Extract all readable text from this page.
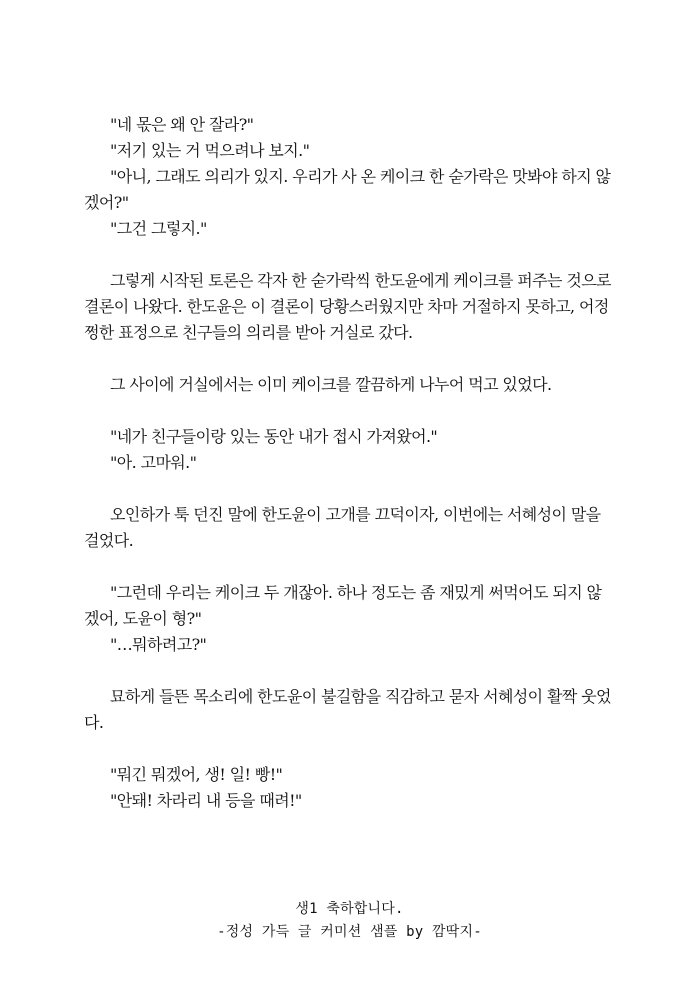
"네 몫은 왜 안 잘라?"

"저기 있는 거 먹으려나 보지."

"아니, 그래도 의리가 있지. 우리가 사 온 케이크 한 숟가락은 맛봐야 하지 않겠어?"

"그건 그렇지."

그렇게 시작된 토론은 각자 한 숟가락씩 한도윤에게 케이크를 퍼주는 것으로 결론이 나왔다. 한도윤은 이 결론이 당황스러웠지만 차마 거절하지 못하고, 어정쩡한 표정으로 친구들의 의리를 받아 거실로 갔다.

그 사이에 거실에서는 이미 케이크를 깔끔하게 나누어 먹고 있었다.

"네가 친구들이랑 있는 동안 내가 접시 가져왔어."

"아. 고마워."

오인하가 툭 던진 말에 한도윤이 고개를 끄덕이자, 이번에는 서혜성이 말을 걸었다.

"그런데 우리는 케이크 두 개잖아. 하나 정도는 좀 재밌게 써먹어도 되지 않겠어, 도윤이 형?"

"…뭐하려고?"

묘하게 들뜬 목소리에 한도윤이 불길함을 직감하고 묻자 서혜성이 활짝 웃었다.

"뭐긴 뭐겠어, 생! 일! 빵!"

"안돼! 차라리 내 등을 때려!"

생1 축하합니다.
-정성 가득 글 커미션 샘플 by 깜딱지-
